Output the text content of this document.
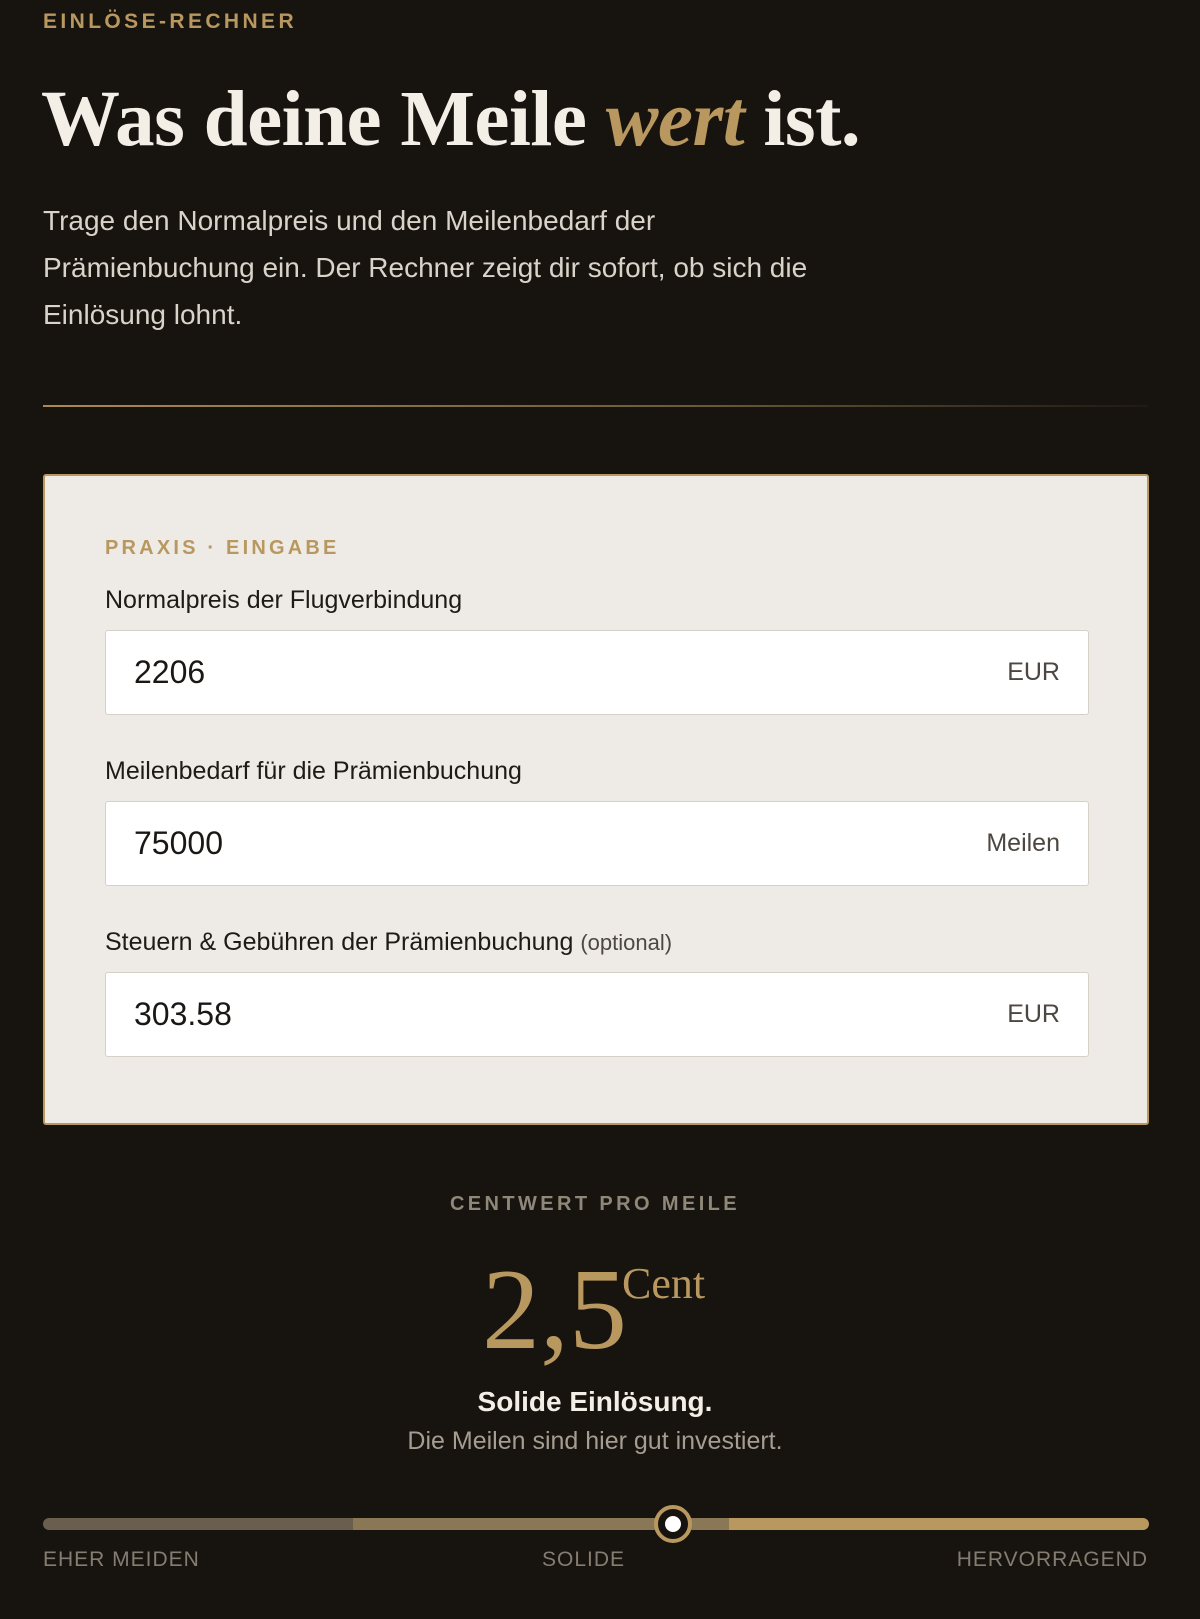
EINLÖSE-RECHNER
Was deine Meile wert ist.

Trage den Normalpreis und den Meilenbedarf der Prämienbuchung ein. Der Rechner zeigt dir sofort, ob sich die Einlösung lohnt.

PRAXIS · EINGABE
Normalpreis der Flugverbindung
2206	EUR
Meilenbedarf für die Prämienbuchung
75000	Meilen
Steuern & Gebühren der Prämienbuchung (optional)
303.58	EUR
CENTWERT PRO MEILE
2,5
Cent
Solide Einlösung.
Die Meilen sind hier gut investiert.
EHER MEIDEN	SOLIDE	HERVORRAGEND
